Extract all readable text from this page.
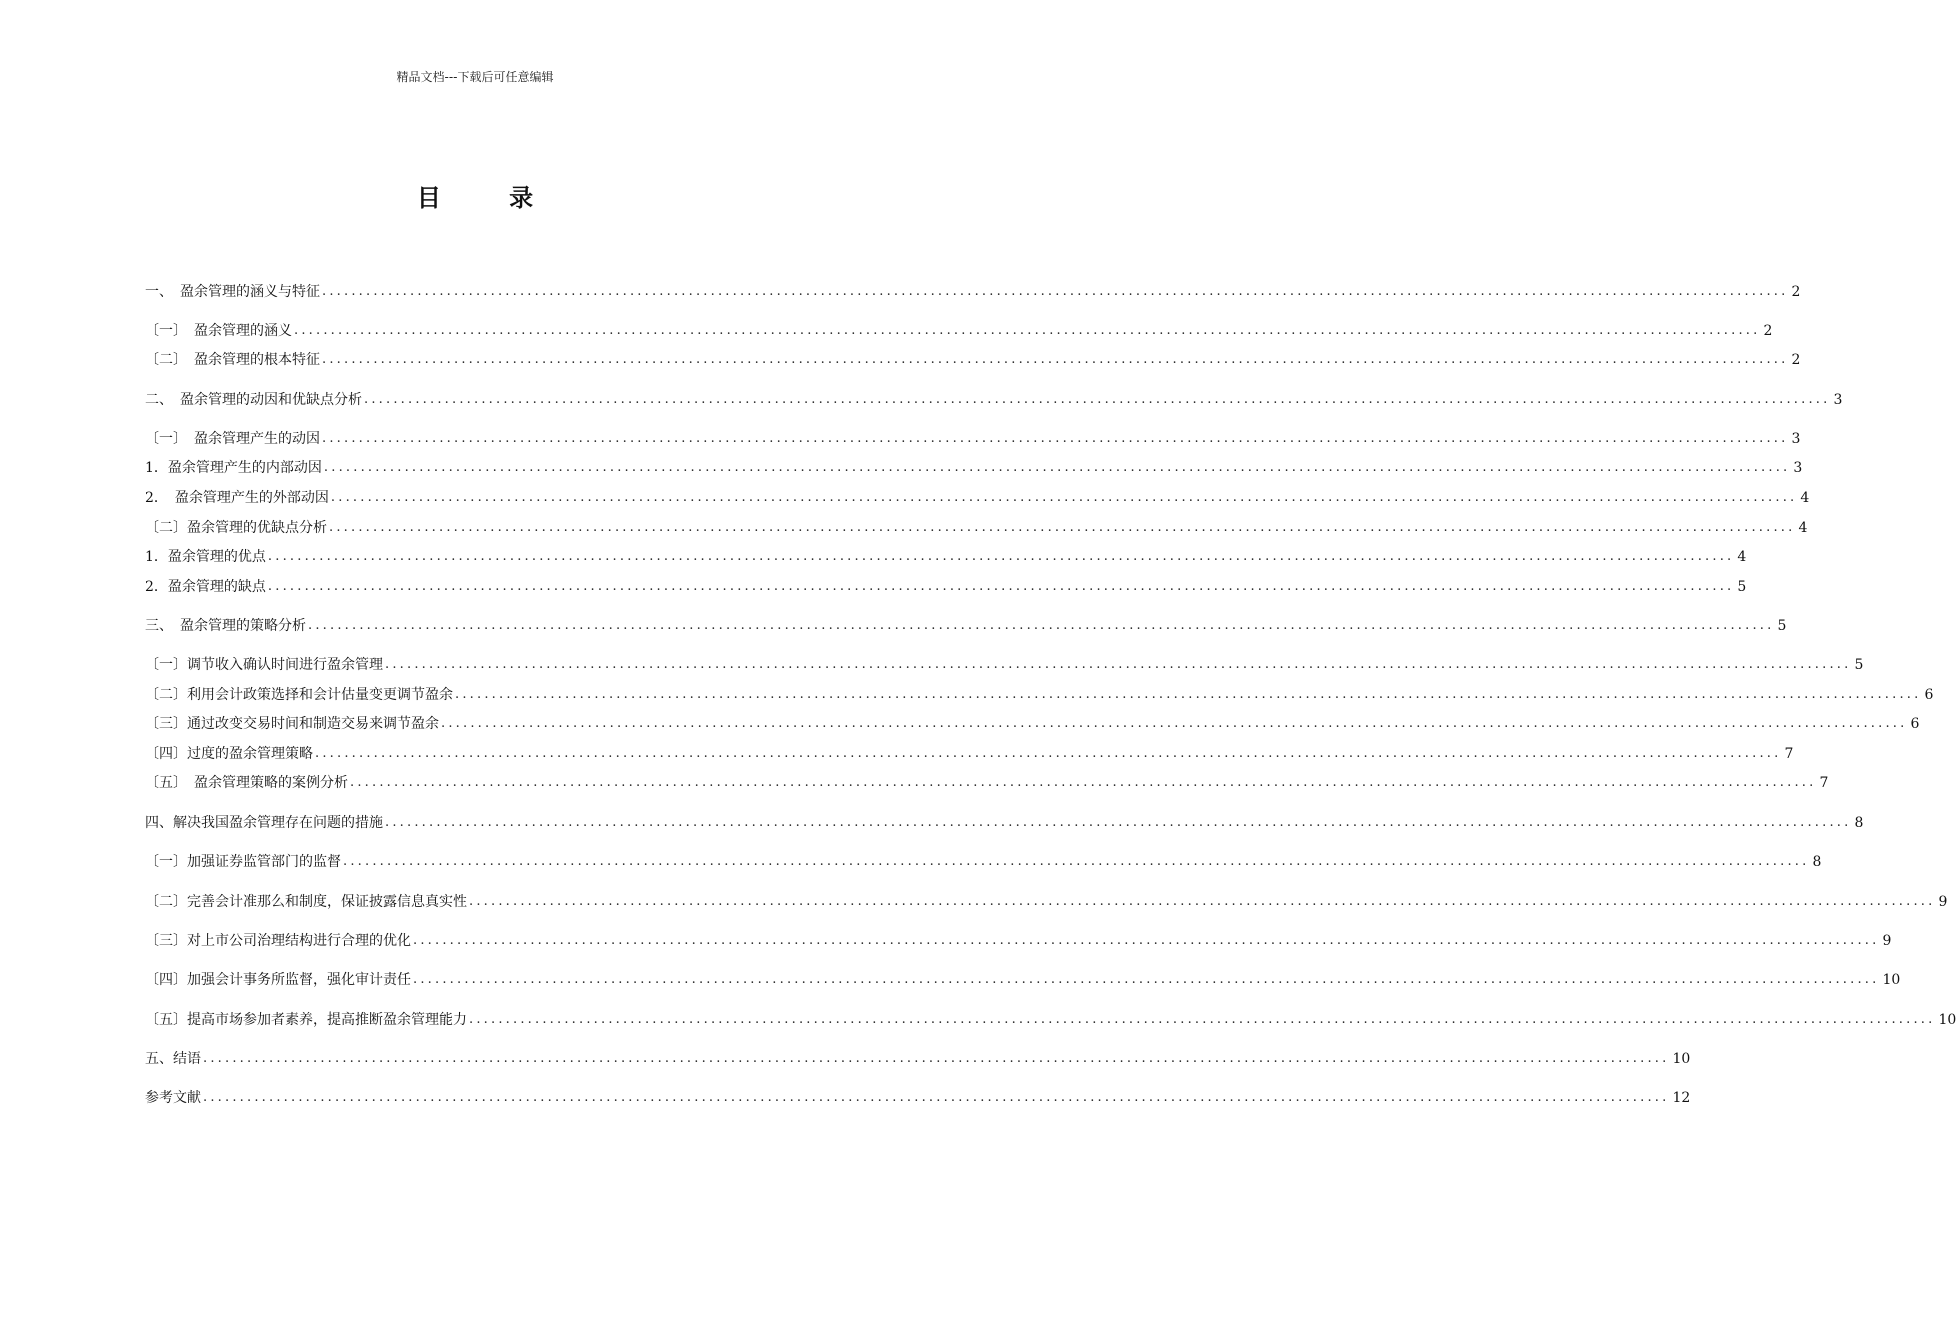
精品文档---下载后可任意编辑
目 录
一、　盈余管理的涵义与特征 ........................................................................................................................................................................................................ 2
〔一〕　盈余管理的涵义 ........................................................................................................................................................................................................ 2
〔二〕　盈余管理的根本特征 ........................................................................................................................................................................................................ 2
二、　盈余管理的动因和优缺点分析 ........................................................................................................................................................................................................ 3
〔一〕　盈余管理产生的动因 ........................................................................................................................................................................................................ 3
1．盈余管理产生的内部动因 ........................................................................................................................................................................................................ 3
2．　盈余管理产生的外部动因 ........................................................................................................................................................................................................ 4
〔二〕盈余管理的优缺点分析 ........................................................................................................................................................................................................ 4
1．盈余管理的优点 ........................................................................................................................................................................................................ 4
2．盈余管理的缺点 ........................................................................................................................................................................................................ 5
三、　盈余管理的策略分析 ........................................................................................................................................................................................................ 5
〔一〕调节收入确认时间进行盈余管理 ........................................................................................................................................................................................................ 5
〔二〕利用会计政策选择和会计估量变更调节盈余 ........................................................................................................................................................................................................ 6
〔三〕通过改变交易时间和制造交易来调节盈余 ........................................................................................................................................................................................................ 6
〔四〕过度的盈余管理策略 ........................................................................................................................................................................................................ 7
〔五〕　盈余管理策略的案例分析 ........................................................................................................................................................................................................ 7
四、解决我国盈余管理存在问题的措施 ........................................................................................................................................................................................................ 8
〔一〕加强证券监管部门的监督 ........................................................................................................................................................................................................ 8
〔二〕完善会计准那么和制度，保证披露信息真实性 ........................................................................................................................................................................................................ 9
〔三〕对上市公司治理结构进行合理的优化 ........................................................................................................................................................................................................ 9
〔四〕加强会计事务所监督，强化审计责任 ........................................................................................................................................................................................................ 10
〔五〕提高市场参加者素养，提高推断盈余管理能力 ........................................................................................................................................................................................................ 10
五、结语 ........................................................................................................................................................................................................ 10
参考文献 ........................................................................................................................................................................................................ 12
